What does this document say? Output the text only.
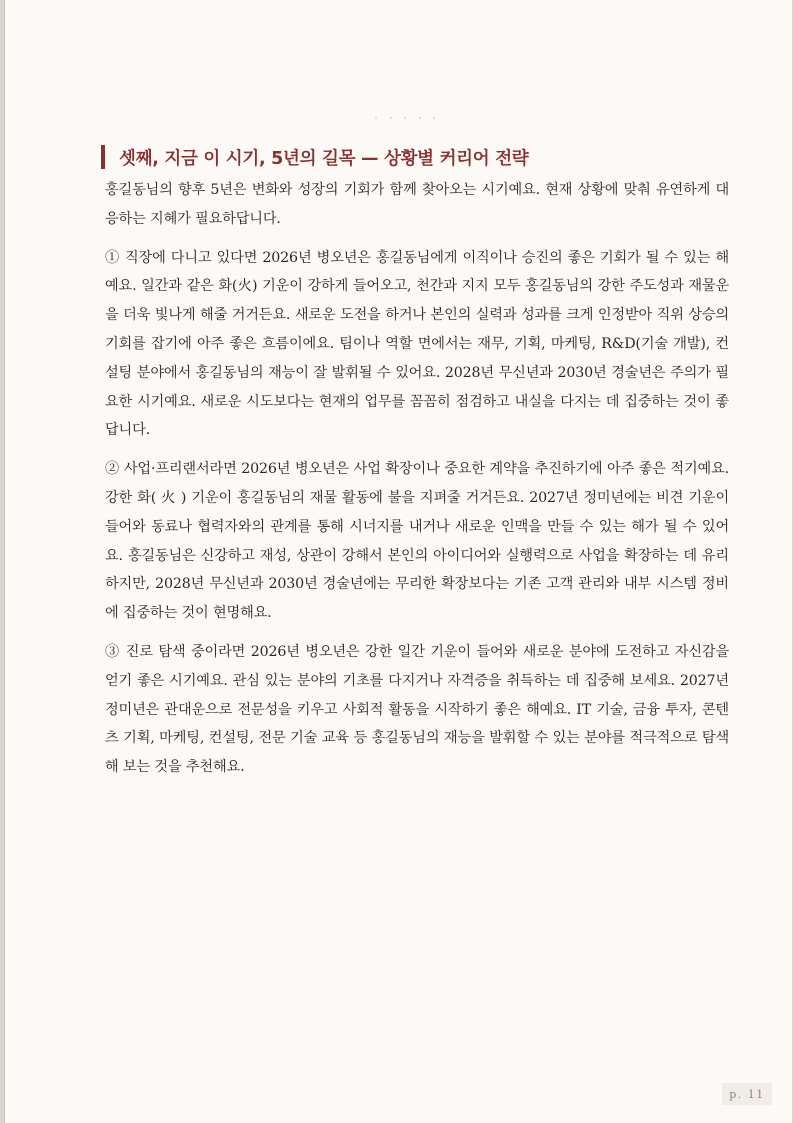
셋째, 지금 이 시기, 5년의 길목 — 상황별 커리어 전략

홍길동님의 향후 5년은 변화와 성장의 기회가 함께 찾아오는 시기예요. 현재 상황에 맞춰 유연하게 대응하는 지혜가 필요하답니다.

① 직장에 다니고 있다면 2026년 병오년은 홍길동님에게 이직이나 승진의 좋은 기회가 될 수 있는 해예요. 일간과 같은 화(火) 기운이 강하게 들어오고, 천간과 지지 모두 홍길동님의 강한 주도성과 재물운을 더욱 빛나게 해줄 거거든요. 새로운 도전을 하거나 본인의 실력과 성과를 크게 인정받아 직위 상승의 기회를 잡기에 아주 좋은 흐름이에요. 팀이나 역할 면에서는 재무, 기획, 마케팅, R&D(기술 개발), 컨설팅 분야에서 홍길동님의 재능이 잘 발휘될 수 있어요. 2028년 무신년과 2030년 경술년은 주의가 필요한 시기예요. 새로운 시도보다는 현재의 업무를 꼼꼼히 점검하고 내실을 다지는 데 집중하는 것이 좋답니다.

② 사업·프리랜서라면 2026년 병오년은 사업 확장이나 중요한 계약을 추진하기에 아주 좋은 적기예요. 강한 화( 火 ) 기운이 홍길동님의 재물 활동에 불을 지펴줄 거거든요. 2027년 정미년에는 비견 기운이 들어와 동료나 협력자와의 관계를 통해 시너지를 내거나 새로운 인맥을 만들 수 있는 해가 될 수 있어요. 홍길동님은 신강하고 재성, 상관이 강해서 본인의 아이디어와 실행력으로 사업을 확장하는 데 유리하지만, 2028년 무신년과 2030년 경술년에는 무리한 확장보다는 기존 고객 관리와 내부 시스템 정비에 집중하는 것이 현명해요.

③ 진로 탐색 중이라면 2026년 병오년은 강한 일간 기운이 들어와 새로운 분야에 도전하고 자신감을 얻기 좋은 시기예요. 관심 있는 분야의 기초를 다지거나 자격증을 취득하는 데 집중해 보세요. 2027년 정미년은 관대운으로 전문성을 키우고 사회적 활동을 시작하기 좋은 해예요. IT 기술, 금융 투자, 콘텐츠 기획, 마케팅, 컨설팅, 전문 기술 교육 등 홍길동님의 재능을 발휘할 수 있는 분야를 적극적으로 탐색해 보는 것을 추천해요.

p. 11
